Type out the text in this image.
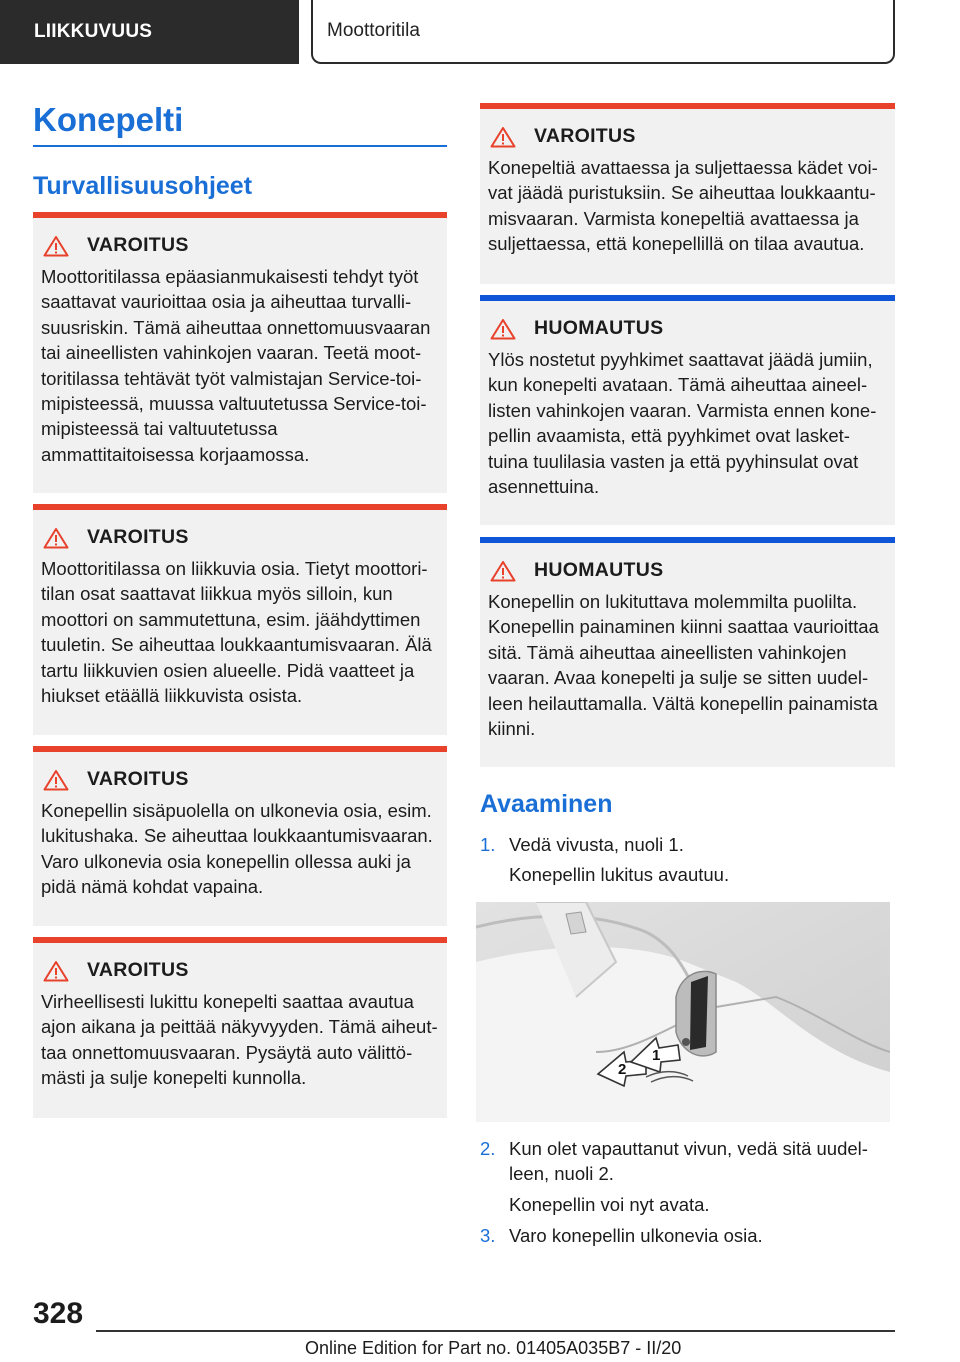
LIIKKUVUUS	Moottoritila
Konepelti
Turvallisuusohjeet
VAROITUS
Moottoritilassa epäasianmukaisesti tehdyt työt
saattavat vaurioittaa osia ja aiheuttaa turvalli-
suusriskin. Tämä aiheuttaa onnettomuusvaaran
tai aineellisten vahinkojen vaaran. Teetä moot-
toritilassa tehtävät työt valmistajan Service-toi-
mipisteessä, muussa valtuutetussa Service-toi-
mipisteessä tai valtuutetussa
ammattitaitoisessa korjaamossa.
VAROITUS
Moottoritilassa on liikkuvia osia. Tietyt moottori-
tilan osat saattavat liikkua myös silloin, kun
moottori on sammutettuna, esim. jäähdyttimen
tuuletin. Se aiheuttaa loukkaantumisvaaran. Älä
tartu liikkuvien osien alueelle. Pidä vaatteet ja
hiukset etäällä liikkuvista osista.
VAROITUS
Konepellin sisäpuolella on ulkonevia osia, esim.
lukitushaka. Se aiheuttaa loukkaantumisvaaran.
Varo ulkonevia osia konepellin ollessa auki ja
pidä nämä kohdat vapaina.
VAROITUS
Virheellisesti lukittu konepelti saattaa avautua
ajon aikana ja peittää näkyvyyden. Tämä aiheut-
taa onnettomuusvaaran. Pysäytä auto välittö-
mästi ja sulje konepelti kunnolla.
VAROITUS
Konepeltiä avattaessa ja suljettaessa kädet voi-
vat jäädä puristuksiin. Se aiheuttaa loukkaantu-
misvaaran. Varmista konepeltiä avattaessa ja
suljettaessa, että konepellillä on tilaa avautua.
HUOMAUTUS
Ylös nostetut pyyhkimet saattavat jäädä jumiin,
kun konepelti avataan. Tämä aiheuttaa aineel-
listen vahinkojen vaaran. Varmista ennen kone-
pellin avaamista, että pyyhkimet ovat lasket-
tuina tuulilasia vasten ja että pyyhinsulat ovat
asennettuina.
HUOMAUTUS
Konepellin on lukituttava molemmilta puolilta.
Konepellin painaminen kiinni saattaa vaurioittaa
sitä. Tämä aiheuttaa aineellisten vahinkojen
vaaran. Avaa konepelti ja sulje se sitten uudel-
leen heilauttamalla. Vältä konepellin painamista
kiinni.
Avaaminen
1. Vedä vivusta, nuoli 1.
Konepellin lukitus avautuu.
2
1
2. Kun olet vapauttanut vivun, vedä sitä uudel-
leen, nuoli 2.
Konepellin voi nyt avata.
3. Varo konepellin ulkonevia osia.
328
Online Edition for Part no. 01405A035B7 - II/20
